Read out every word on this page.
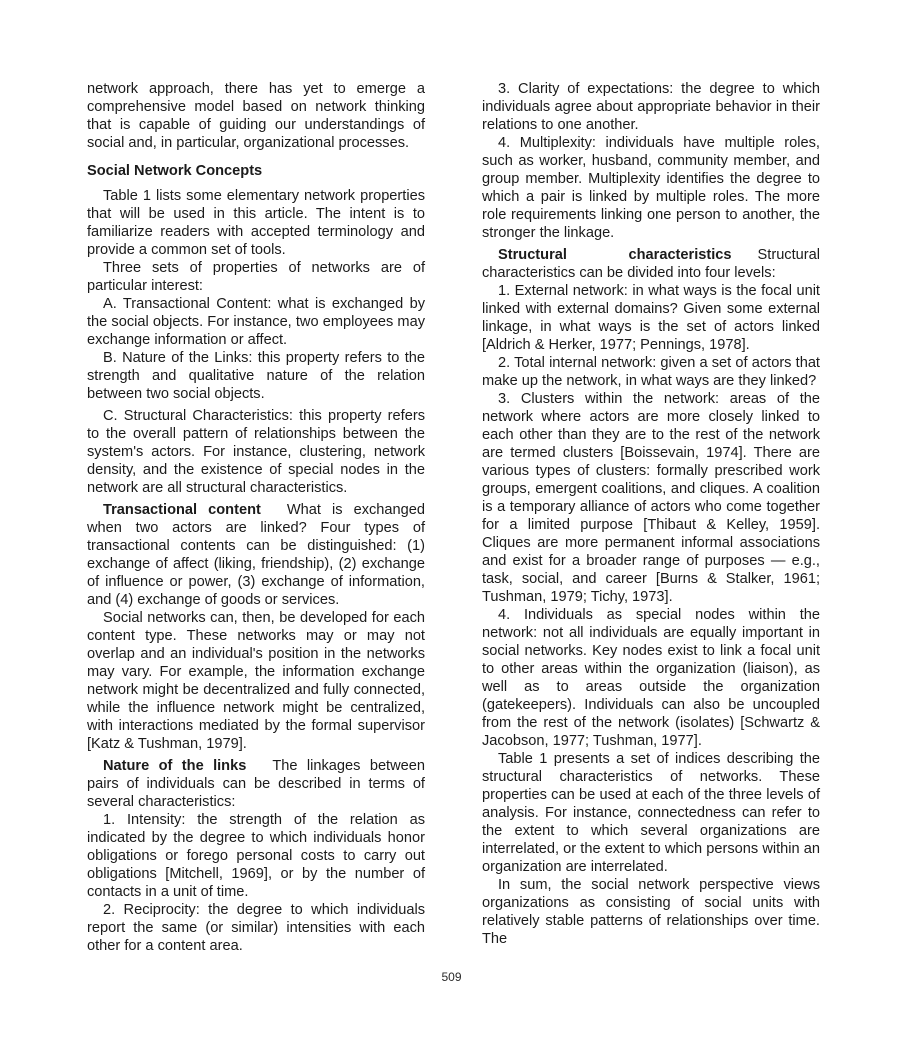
network approach, there has yet to emerge a comprehensive model based on network thinking that is capable of guiding our understandings of social and, in particular, organizational processes.

Social Network Concepts

Table 1 lists some elementary network properties that will be used in this article. The intent is to familiarize readers with accepted terminology and provide a common set of tools.

Three sets of properties of networks are of particular interest:

A. Transactional Content: what is exchanged by the social objects. For instance, two employees may exchange information or affect.

B. Nature of the Links: this property refers to the strength and qualitative nature of the relation between two social objects.

C. Structural Characteristics: this property refers to the overall pattern of relationships between the system's actors. For instance, clustering, network density, and the existence of special nodes in the network are all structural characteristics.

Transactional content What is exchanged when two actors are linked? Four types of transactional contents can be distinguished: (1) exchange of affect (liking, friendship), (2) exchange of influence or power, (3) exchange of information, and (4) exchange of goods or services.

Social networks can, then, be developed for each content type. These networks may or may not overlap and an individual's position in the networks may vary. For example, the information exchange network might be decentralized and fully connected, while the influence network might be centralized, with interactions mediated by the formal supervisor [Katz & Tushman, 1979].

Nature of the links The linkages between pairs of individuals can be described in terms of several characteristics:

1. Intensity: the strength of the relation as indicated by the degree to which individuals honor obligations or forego personal costs to carry out obligations [Mitchell, 1969], or by the number of contacts in a unit of time.

2. Reciprocity: the degree to which individuals report the same (or similar) intensities with each other for a content area.

3. Clarity of expectations: the degree to which individuals agree about appropriate behavior in their relations to one another.

4. Multiplexity: individuals have multiple roles, such as worker, husband, community member, and group member. Multiplexity identifies the degree to which a pair is linked by multiple roles. The more role requirements linking one person to another, the stronger the linkage.

Structural characteristics Structural characteristics can be divided into four levels:

1. External network: in what ways is the focal unit linked with external domains? Given some external linkage, in what ways is the set of actors linked [Aldrich & Herker, 1977; Pennings, 1978].

2. Total internal network: given a set of actors that make up the network, in what ways are they linked?

3. Clusters within the network: areas of the network where actors are more closely linked to each other than they are to the rest of the network are termed clusters [Boissevain, 1974]. There are various types of clusters: formally prescribed work groups, emergent coalitions, and cliques. A coalition is a temporary alliance of actors who come together for a limited purpose [Thibaut & Kelley, 1959]. Cliques are more permanent informal associations and exist for a broader range of purposes — e.g., task, social, and career [Burns & Stalker, 1961; Tushman, 1979; Tichy, 1973].

4. Individuals as special nodes within the network: not all individuals are equally important in social networks. Key nodes exist to link a focal unit to other areas within the organization (liaison), as well as to areas outside the organization (gatekeepers). Individuals can also be uncoupled from the rest of the network (isolates) [Schwartz & Jacobson, 1977; Tushman, 1977].

Table 1 presents a set of indices describing the structural characteristics of networks. These properties can be used at each of the three levels of analysis. For instance, connectedness can refer to the extent to which several organizations are interrelated, or the extent to which persons within an organization are interrelated.

In sum, the social network perspective views organizations as consisting of social units with relatively stable patterns of relationships over time. The

509
